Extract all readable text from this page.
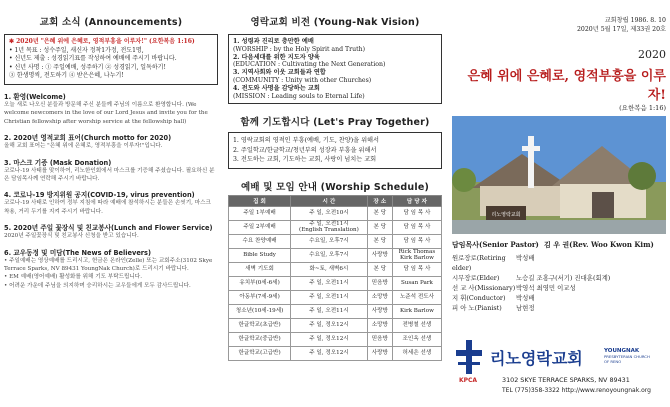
교회 소식 (Announcements)
✱ 2020년 "은혜 위에 은혜로, 영적부흥을 이루자!" (요한복음 1:16)
• 1년 목표 : 성수주일, 새신자 정착1가정, 전도1명,
• 신년도 제출 : 성경읽기표를 작성하여 예배에 주시기 바랍니다.
• 신년 사명 : ① 주일예배, 성주하기 ② 성경읽기, 일독하기!
③ 한생명씩, 전도하기 ④ 받은은혜, 나누기!
1. 환영(Welcome)
오늘 새로 나오신 분들과 방문해 주신 분들께 주님의 이름으로 환영합니다. (We welcome newcomers in the love of our Lord Jesus and invite you for the Christian fellowship after worship service at the fellowship hall)
2. 2020년 영적교회 표어(Church motto for 2020)
올해 교회 표어는 "은혜 위에 은혜로, 영적부흥을 이루자!"입니다.
3. 마스크 기증 (Mask Donation)
코로나-19 사태를 맞이하여, 리노한인회에서 마스크를 기증해 주셨습니다. 필요하신 분은 담임목사께 연락해 주시기 바랍니다.
4. 코로나-19 방지위원 공지(COVID-19, virus prevention)
코로나-19 사태로 인하여 정부 지침에 따라 예배에 참석하시는 분들은 손씻기, 마스크 착용, 거리 두기를 지켜 주시기 바랍니다.
5. 2020년 주일 꽃장식 및 친교봉사(Lunch and Flower Service)
2020년 주일꽃장식 및 친교봉사 신청을 받고 있습니다.
6. 교우동정 및 미담(The News of Believers)
• 주일예배는 영상예배를 드리시고, 헌금은 온라인(Zelle) 또는 교회주소(3102 Skye Terrace Sparks, NV 89431 YoungNak Church)로 드리시기 바랍니다.
• EM 예배(영어예배) 활성화를 위해 기도 부탁드립니다.
• 어려운 가운데 주님을 의지하며 승리하시는 교우들에게 모두 감사드립니다.
영락교회 비전 (Young-Nak Vision)
1. 성령과 진리로 충만한 예배
(WORSHIP : by the Holy Spirit and Truth)
2. 다음세대를 위한 지도자 양육
(EDUCATION : Cultivating the Next Generation)
3. 지역사회와 이웃 교회들과 연합
(COMMUNITY : Unity with other Churches)
4. 전도와 사명을 감당하는 교회
(MISSION : Leading souls to Eternal Life)
함께 기도합시다 (Let's Pray Together)
1. 영락교회의 영적인 부흥(예배, 기도, 찬양)을 위해서
2. 주일학교/한글학교/청년부의 성장과 부흥을 위해서
3. 전도하는 교회, 기도하는 교회, 사랑이 넘치는 교회
예배 및 모임 안내 (Worship Schedule)
집 회	시 간	장 소	담 당 자
주일 1부예배	주 일, 오전10시	본 당	담 임 목 사
주일 2부예배	주 일, 오전11시
(English Translation)	본 당	담 임 목 사
수요 찬양예배	수요일, 오후7시	본 당	담 임 목 사
Bible Study	수요일, 오후7시	사랑방	Rick Thomas
Kirk Barlow
새벽 기도회	화~토, 새벽6시	본 당	담 임 목 사
유치부(0세-6세)	주 일, 오전11시	믿음방	Susan Park
아동부(7세-9세)	주 일, 오전11시	소망방	노준석 전도사
청소년(10세-19세)	주 일, 오전11시	사랑방	Kirk Barlow
한글학교(초급반)	주 일, 정오12시	소망방	전병철 선생
한글학교(중급반)	주 일, 정오12시	믿음방	조인옥 선생
한글학교(고급반)	주 일, 정오12시	사랑방	허세은 선생
교회창립 1986. 8. 10
2020년 5월 17일, 제33권 20호
2020
은혜 위에 은혜로, 영적부흥을 이루자!
(요한복음 1:16)
리노영락교회
담임목사(Senior Pastor) 김 우 권(Rev. Woo Kwon Kim)
원로장로(Retiring elder)
박성배
시무장로(Elder)	노승길 조홍구(서기) 진대훈(회계)
선 교 사(Missionary) 박영석 최영민 이교성
지 휘(Conductor)	박성배
피 아 노(Pianist)	남현정
KPCA
리노영락교회	YOUNGNAK
PRESBYTERIAN CHURCH
OF RENO
3102 SKYE TERRACE SPARKS, NV 89431
TEL (775)358-3322 http://www.renoyoungnak.org
